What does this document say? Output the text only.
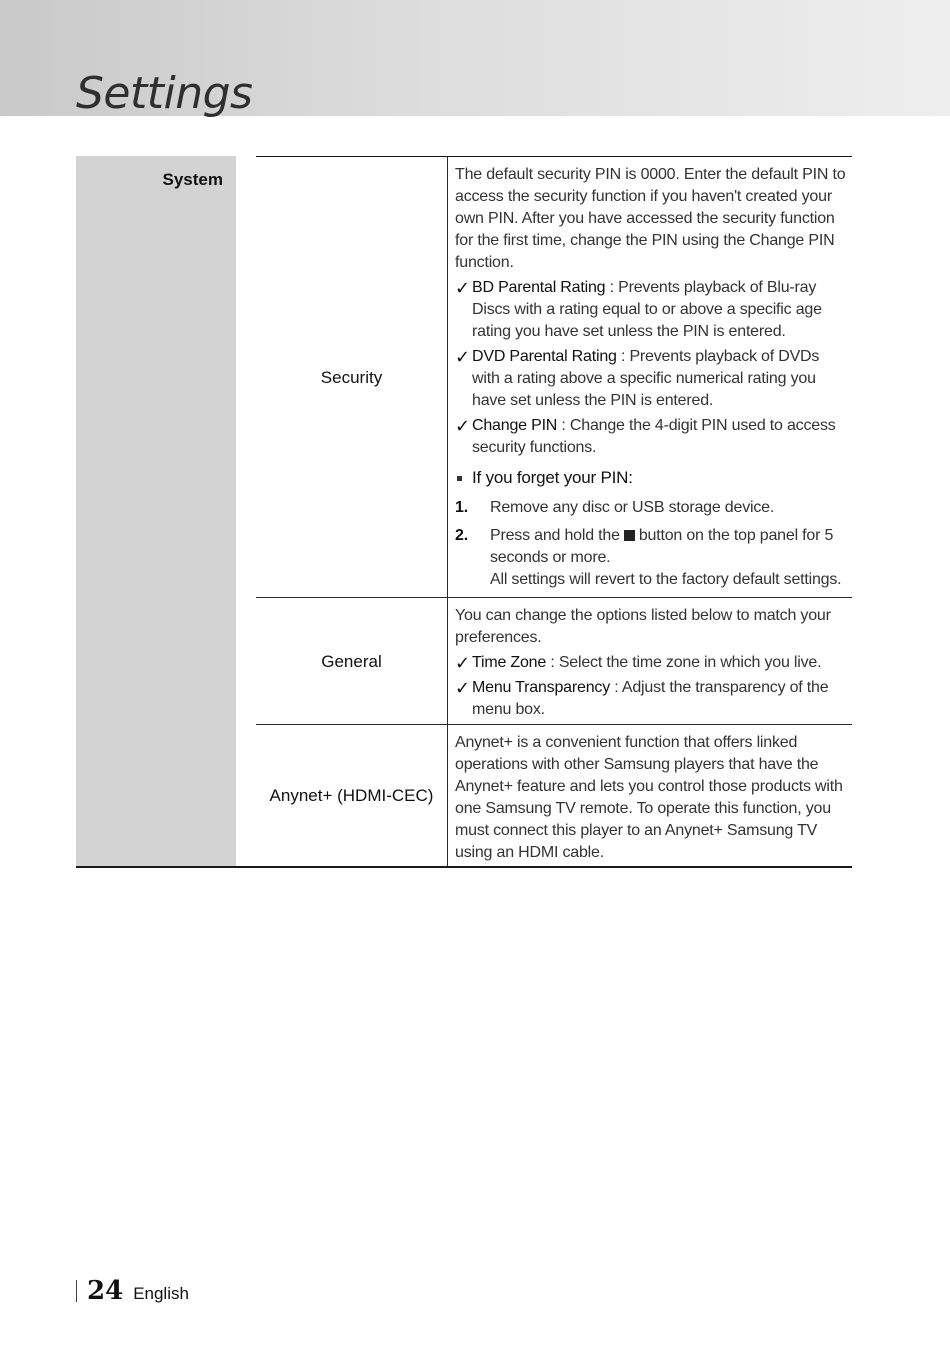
Settings
System
Security

The default security PIN is 0000. Enter the default PIN to access the security function if you haven't created your own PIN. After you have accessed the security function for the first time, change the PIN using the Change PIN function.

✓ BD Parental Rating : Prevents playback of Blu-ray Discs with a rating equal to or above a specific age rating you have set unless the PIN is entered.
✓ DVD Parental Rating : Prevents playback of DVDs with a rating above a specific numerical rating you have set unless the PIN is entered.
✓ Change PIN : Change the 4-digit PIN used to access security functions.
If you forget your PIN:
1. Remove any disc or USB storage device.
2. Press and hold the button on the top panel for 5 seconds or more.
All settings will revert to the factory default settings.
General

You can change the options listed below to match your preferences.

✓ Time Zone : Select the time zone in which you live.
✓ Menu Transparency : Adjust the transparency of the menu box.
Anynet+ (HDMI-CEC)

Anynet+ is a convenient function that offers linked operations with other Samsung players that have the Anynet+ feature and lets you control those products with one Samsung TV remote. To operate this function, you must connect this player to an Anynet+ Samsung TV using an HDMI cable.

24 English
